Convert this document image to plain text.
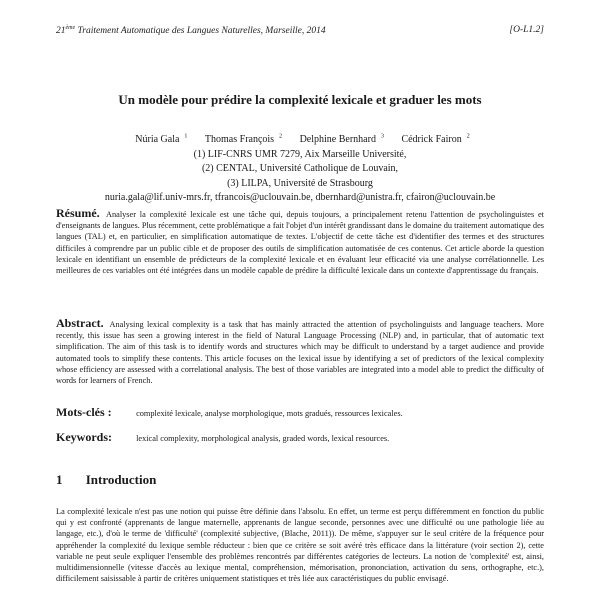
21ème Traitement Automatique des Langues Naturelles, Marseille, 2014	[O-L1.2]
Un modèle pour prédire la complexité lexicale et graduer les mots
Núria Gala $^1$ Thomas François $^2$ Delphine Bernhard $^3$ Cédrick Fairon $^2$
(1) LIF-CNRS UMR 7279, Aix Marseille Université,
(2) CENTAL, Université Catholique de Louvain,
(3) LILPA, Université de Strasbourg
nuria.gala@lif.univ-mrs.fr, tfrancois@uclouvain.be, dbernhard@unistra.fr, cfairon@uclouvain.be
Résumé. Analyser la complexité lexicale est une tâche qui, depuis toujours, a principalement retenu l'attention de psycholinguistes et d'enseignants de langues. Plus récemment, cette problématique a fait l'objet d'un intérêt grandissant dans le domaine du traitement automatique des langues (TAL) et, en particulier, en simplification automatique de textes. L'objectif de cette tâche est d'identifier des termes et des structures difficiles à comprendre par un public cible et de proposer des outils de simplification automatisée de ces contenus. Cet article aborde la question lexicale en identifiant un ensemble de prédicteurs de la complexité lexicale et en évaluant leur efficacité via une analyse corrélationnelle. Les meilleures de ces variables ont été intégrées dans un modèle capable de prédire la difficulté lexicale dans un contexte d'apprentissage du français.
Abstract. Analysing lexical complexity is a task that has mainly attracted the attention of psycholinguists and language teachers. More recently, this issue has seen a growing interest in the field of Natural Language Processing (NLP) and, in particular, that of automatic text simplification. The aim of this task is to identify words and structures which may be difficult to understand by a target audience and provide automated tools to simplify these contents. This article focuses on the lexical issue by identifying a set of predictors of the lexical complexity whose efficiency are assessed with a correlational analysis. The best of those variables are integrated into a model able to predict the difficulty of words for learners of French.
Mots-clés :	complexité lexicale, analyse morphologique, mots gradués, ressources lexicales.
Keywords:	lexical complexity, morphological analysis, graded words, lexical resources.
1 Introduction
La complexité lexicale n'est pas une notion qui puisse être définie dans l'absolu. En effet, un terme est perçu différemment en fonction du public qui y est confronté (apprenants de langue maternelle, apprenants de langue seconde, personnes avec une difficulté ou une pathologie liée au langage, etc.), d'où le terme de 'difficulté' (complexité subjective, (Blache, 2011)). De même, s'appuyer sur le seul critère de la fréquence pour appréhender la complexité du lexique semble réducteur : bien que ce critère se soit avéré très efficace dans la littérature (voir section 2), cette variable ne peut seule expliquer l'ensemble des problèmes rencontrés par différentes catégories de lecteurs. La notion de 'complexité' est, ainsi, multidimensionnelle (vitesse d'accès au lexique mental, compréhension, mémorisation, prononciation, activation du sens, orthographe, etc.), difficilement saisissable à partir de critères uniquement statistiques et très liée aux caractéristiques du public envisagé.
